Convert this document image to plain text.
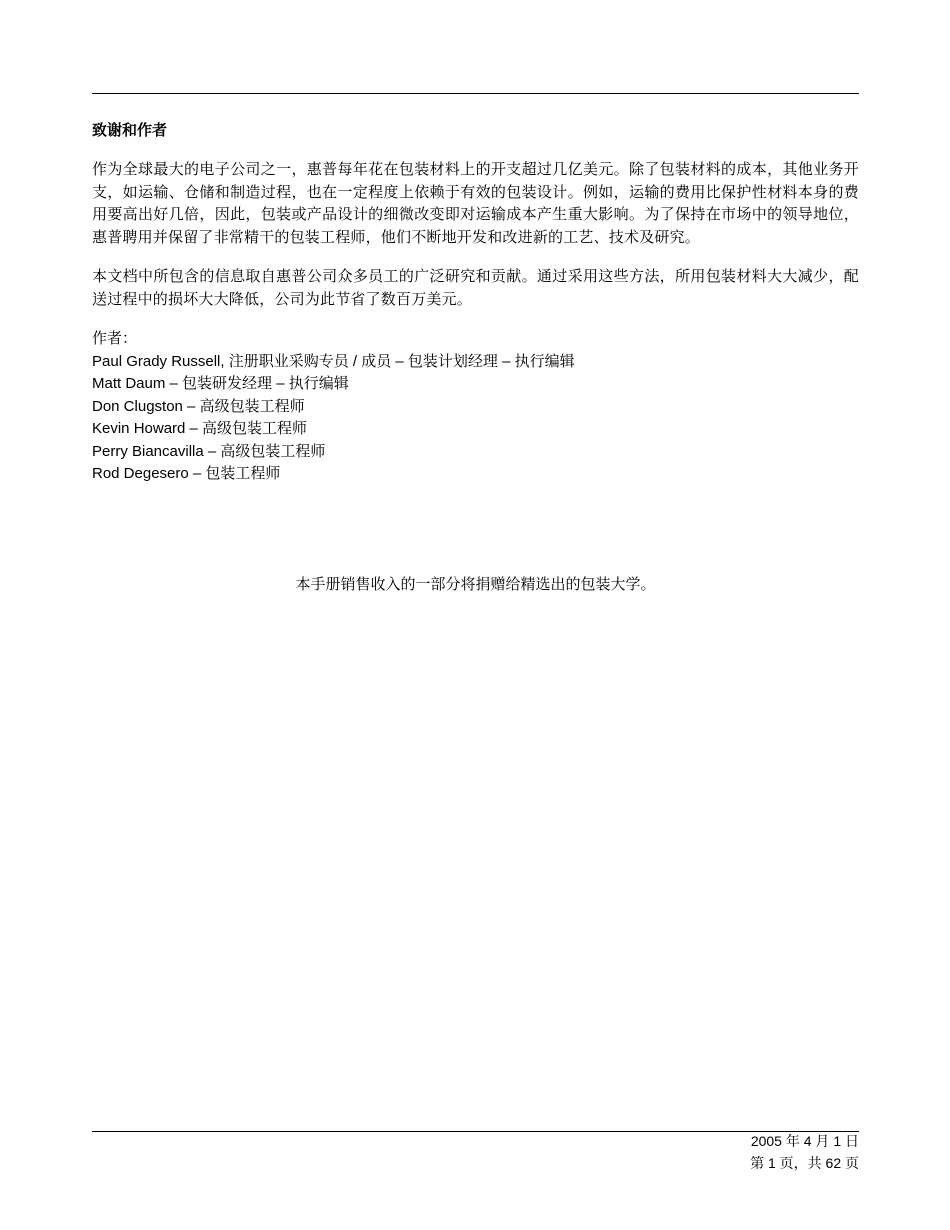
致谢和作者

作为全球最大的电子公司之一，惠普每年花在包装材料上的开支超过几亿美元。除了包装材料的成本，其他业务开支，如运输、仓储和制造过程，也在一定程度上依赖于有效的包装设计。例如，运输的费用比保护性材料本身的费用要高出好几倍，因此，包装或产品设计的细微改变即对运输成本产生重大影响。为了保持在市场中的领导地位，惠普聘用并保留了非常精干的包装工程师，他们不断地开发和改进新的工艺、技术及研究。

本文档中所包含的信息取自惠普公司众多员工的广泛研究和贡献。通过采用这些方法，所用包装材料大大减少，配送过程中的损坏大大降低，公司为此节省了数百万美元。

作者：

Paul Grady Russell, 注册职业采购专员 / 成员 – 包装计划经理 – 执行编辑

Matt Daum – 包装研发经理 – 执行编辑

Don Clugston – 高级包装工程师

Kevin Howard – 高级包装工程师

Perry Biancavilla – 高级包装工程师

Rod Degesero – 包装工程师

本手册销售收入的一部分将捐赠给精选出的包装大学。
2005 年 4 月 1 日
第 1 页，共 62 页
